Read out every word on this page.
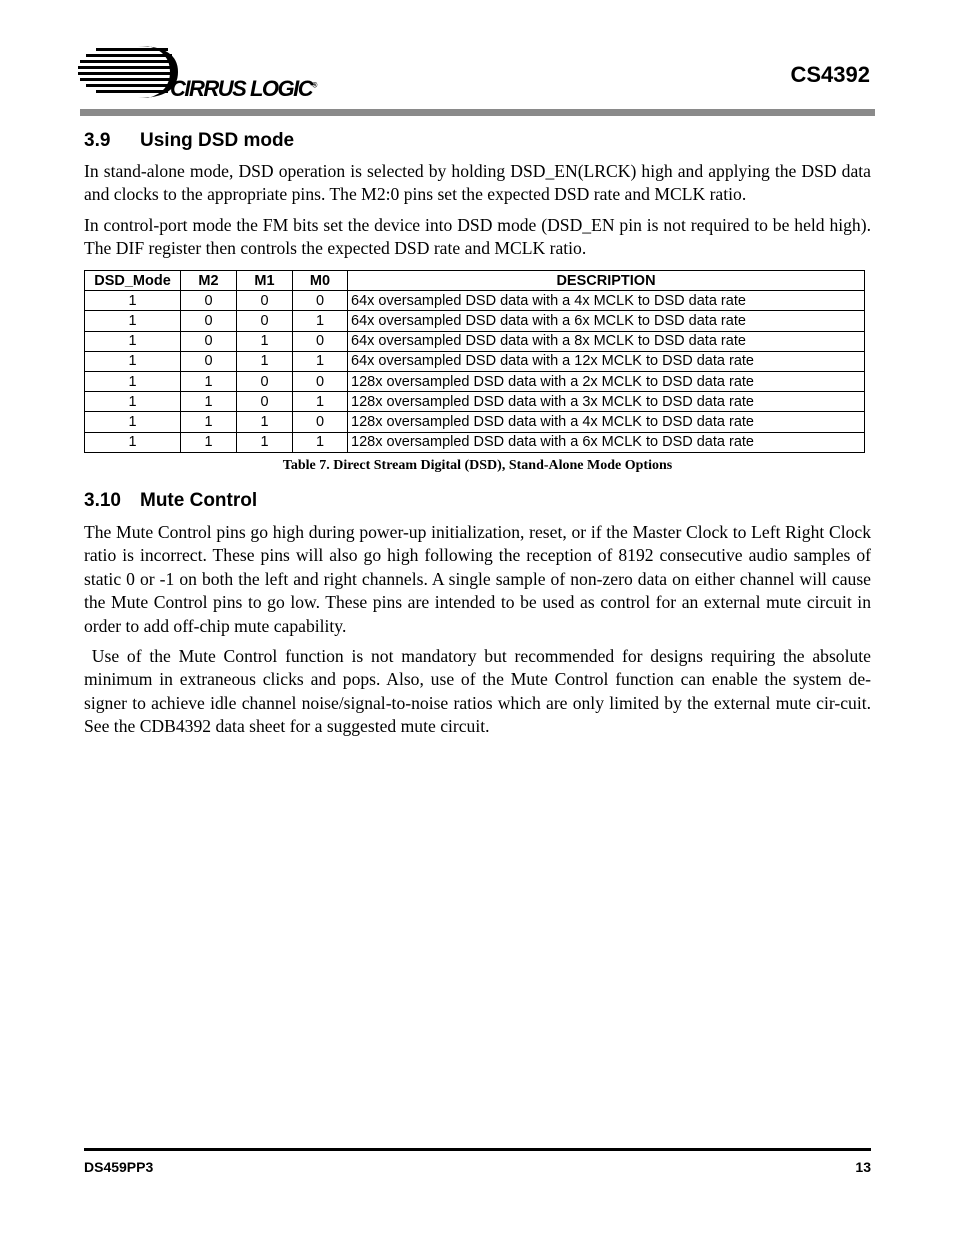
CIRRUS LOGIC®	CS4392
3.9 Using DSD mode

In stand-alone mode, DSD operation is selected by holding DSD_EN(LRCK) high and applying the DSD data and clocks to the appropriate pins. The M2:0 pins set the expected DSD rate and MCLK ratio.

In control-port mode the FM bits set the device into DSD mode (DSD_EN pin is not required to be held high). The DIF register then controls the expected DSD rate and MCLK ratio.

DSD_Mode	M2	M1	M0	DESCRIPTION
1	0	0	0	64x oversampled DSD data with a 4x MCLK to DSD data rate
1	0	0	1	64x oversampled DSD data with a 6x MCLK to DSD data rate
1	0	1	0	64x oversampled DSD data with a 8x MCLK to DSD data rate
1	0	1	1	64x oversampled DSD data with a 12x MCLK to DSD data rate
1	1	0	0	128x oversampled DSD data with a 2x MCLK to DSD data rate
1	1	0	1	128x oversampled DSD data with a 3x MCLK to DSD data rate
1	1	1	0	128x oversampled DSD data with a 4x MCLK to DSD data rate
1	1	1	1	128x oversampled DSD data with a 6x MCLK to DSD data rate
Table 7. Direct Stream Digital (DSD), Stand-Alone Mode Options
3.10 Mute Control

The Mute Control pins go high during power-up initialization, reset, or if the Master Clock to Left Right Clock ratio is incorrect. These pins will also go high following the reception of 8192 consecutive audio samples of static 0 or -1 on both the left and right channels. A single sample of non-zero data on either channel will cause the Mute Control pins to go low. These pins are intended to be used as control for an external mute circuit in order to add off-chip mute capability.

Use of the Mute Control function is not mandatory but recommended for designs requiring the absolute minimum in extraneous clicks and pops. Also, use of the Mute Control function can enable the system de-signer to achieve idle channel noise/signal-to-noise ratios which are only limited by the external mute cir-cuit. See the CDB4392 data sheet for a suggested mute circuit.

DS459PP3	13
